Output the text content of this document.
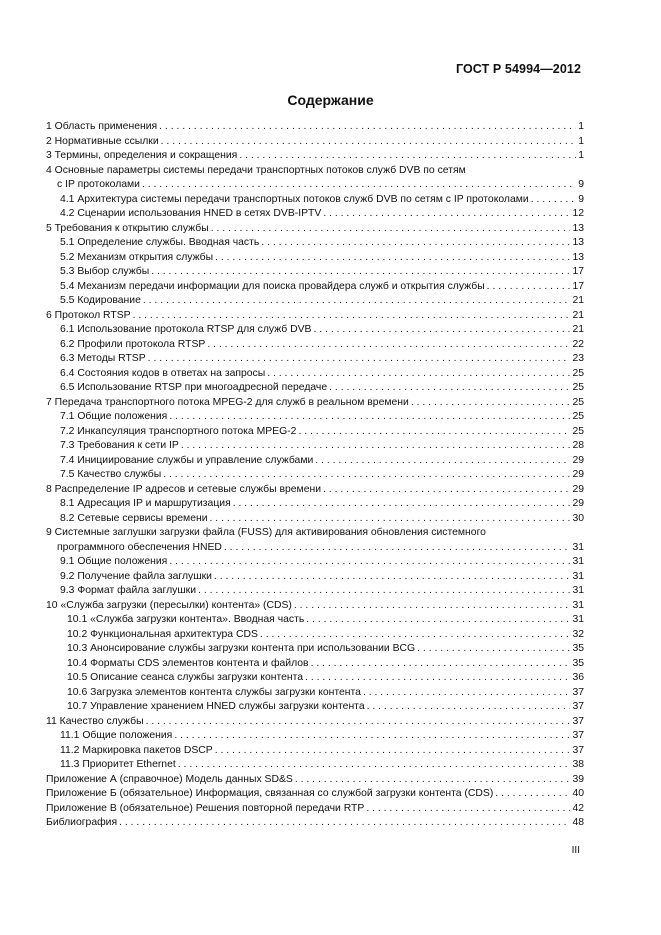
ГОСТ Р 54994—2012
Содержание
1 Область применения . . .	1
2 Нормативные ссылки . . .	1
3 Термины, определения и сокращения . . .	1
4 Основные параметры системы передачи транспортных потоков служб DVB по сетям
с IP протоколами . . .	9
4.1 Архитектура системы передачи транспортных потоков служб DVB по сетям с IP протоколами . . .	9
4.2 Сценарии использования HNED в сетях DVB-IPTV . . .	12
5 Требования к открытию службы . . .	13
5.1 Определение службы. Вводная часть . . .	13
5.2 Механизм открытия службы . . .	13
5.3 Выбор службы . . .	17
5.4 Механизм передачи информации для поиска провайдера служб и открытия службы . . .	17
5.5 Кодирование . . .	21
6 Протокол RTSP . . .	21
6.1 Использование протокола RTSP для служб DVB . . .	21
6.2 Профили протокола RTSP . . .	22
6.3 Методы RTSP . . .	23
6.4 Состояния кодов в ответах на запросы . . .	25
6.5 Использование RTSP при многоадресной передаче . . .	25
7 Передача транспортного потока MPEG-2 для служб в реальном времени . . .	25
7.1 Общие положения . . .	25
7.2 Инкапсуляция транспортного потока MPEG-2 . . .	25
7.3 Требования к сети IP . . .	28
7.4 Инициирование службы и управление службами . . .	29
7.5 Качество службы . . .	29
8 Распределение IP адресов и сетевые службы времени . . .	29
8.1 Адресация IP и маршрутизация . . .	29
8.2 Сетевые сервисы времени . . .	30
9 Системные заглушки загрузки файла (FUSS) для активирования обновления системного
программного обеспечения HNED . . .	31
9.1 Общие положения . . .	31
9.2 Получение файла заглушки . . .	31
9.3 Формат файла заглушки . . .	31
10 «Служба загрузки (пересылки) контента» (CDS) . . .	31
10.1 «Служба загрузки контента». Вводная часть . . .	31
10.2 Функциональная архитектура CDS . . .	32
10.3 Анонсирование службы загрузки контента при использовании BCG . . .	35
10.4 Форматы CDS элементов контента и файлов . . .	35
10.5 Описание сеанса службы загрузки контента . . .	36
10.6 Загрузка элементов контента службы загрузки контента . . .	37
10.7 Управление хранением HNED службы загрузки контента . . .	37
11 Качество службы . . .	37
11.1 Общие положения . . .	37
11.2 Маркировка пакетов DSCP . . .	37
11.3 Приоритет Ethernet . . .	38
Приложение А (справочное) Модель данных SD&S . . .	39
Приложение Б (обязательное) Информация, связанная со службой загрузки контента (CDS) . . .	40
Приложение В (обязательное) Решения повторной передачи RTP . . .	42
Библиография . . .	48
III
